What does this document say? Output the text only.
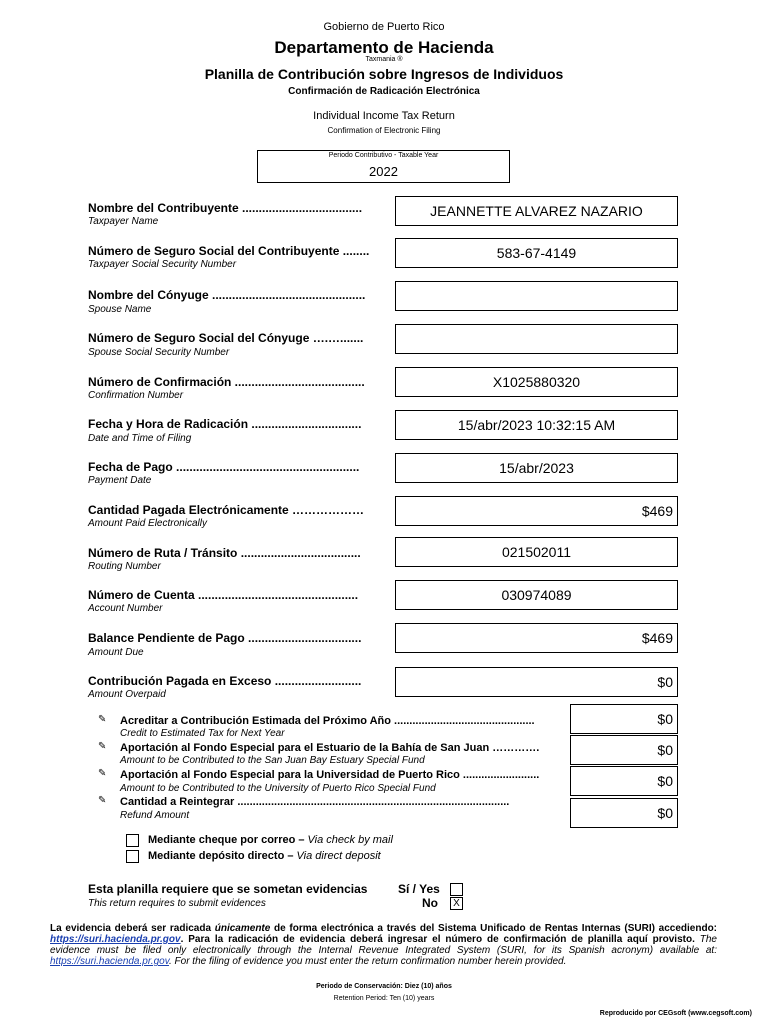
Gobierno de Puerto Rico
Departamento de Hacienda
Taxmania ®
Planilla de Contribución sobre Ingresos de Individuos
Confirmación de Radicación Electrónica
Individual Income Tax Return
Confirmation of Electronic Filing
Periodo Contributivo - Taxable Year
2022
Nombre del Contribuyente ....................................
Taxpayer Name
JEANNETTE ALVAREZ NAZARIO
Número de Seguro Social del Contribuyente ........
Taxpayer Social Security Number
583-67-4149
Nombre del Cónyuge ..............................................
Spouse Name
Número de Seguro Social del Cónyuge ….….......
Spouse Social Security Number
Número de Confirmación .......................................
Confirmation Number
X1025880320
Fecha y Hora de Radicación .................................
Date and Time of Filing
15/abr/2023 10:32:15 AM
Fecha de Pago .......................................................
Payment Date
15/abr/2023
Cantidad Pagada Electrónicamente ………………
Amount Paid Electronically
$469
Número de Ruta / Tránsito ....................................
Routing Number
021502011
Número de Cuenta ................................................
Account Number
030974089
Balance Pendiente de Pago ..................................
Amount Due
$469
Contribución Pagada en Exceso ..........................
Amount Overpaid
$0
✎ Acreditar a Contribución Estimada del Próximo Año ..............................................
Credit to Estimated Tax for Next Year
$0
✎ Aportación al Fondo Especial para el Estuario de la Bahía de San Juan ………….
Amount to be Contributed to the San Juan Bay Estuary Special Fund
$0
✎ Aportación al Fondo Especial para la Universidad de Puerto Rico .........................
Amount to be Contributed to the University of Puerto Rico Special Fund	$0
✎ Cantidad a Reintegrar .........................................................................................
Refund Amount	$0
Mediante cheque por correo – Via check by mail
Mediante depósito directo – Via direct deposit
Esta planilla requiere que se sometan evidencias
This return requires to submit evidences
Sí / Yes
No	X
La evidencia deberá ser radicada únicamente de forma electrónica a través del Sistema Unificado de Rentas Internas (SURI) accediendo: https://suri.hacienda.pr.gov. Para la radicación de evidencia deberá ingresar el número de confirmación de planilla aquí provisto. The evidence must be filed only electronically through the Internal Revenue Integrated System (SURI, for its Spanish acronym) available at: https://suri.hacienda.pr.gov. For the filing of evidence you must enter the return confirmation number herein provided.
Periodo de Conservación: Diez (10) años
Retention Period: Ten (10) years
Reproducido por CEGsoft (www.cegsoft.com)
